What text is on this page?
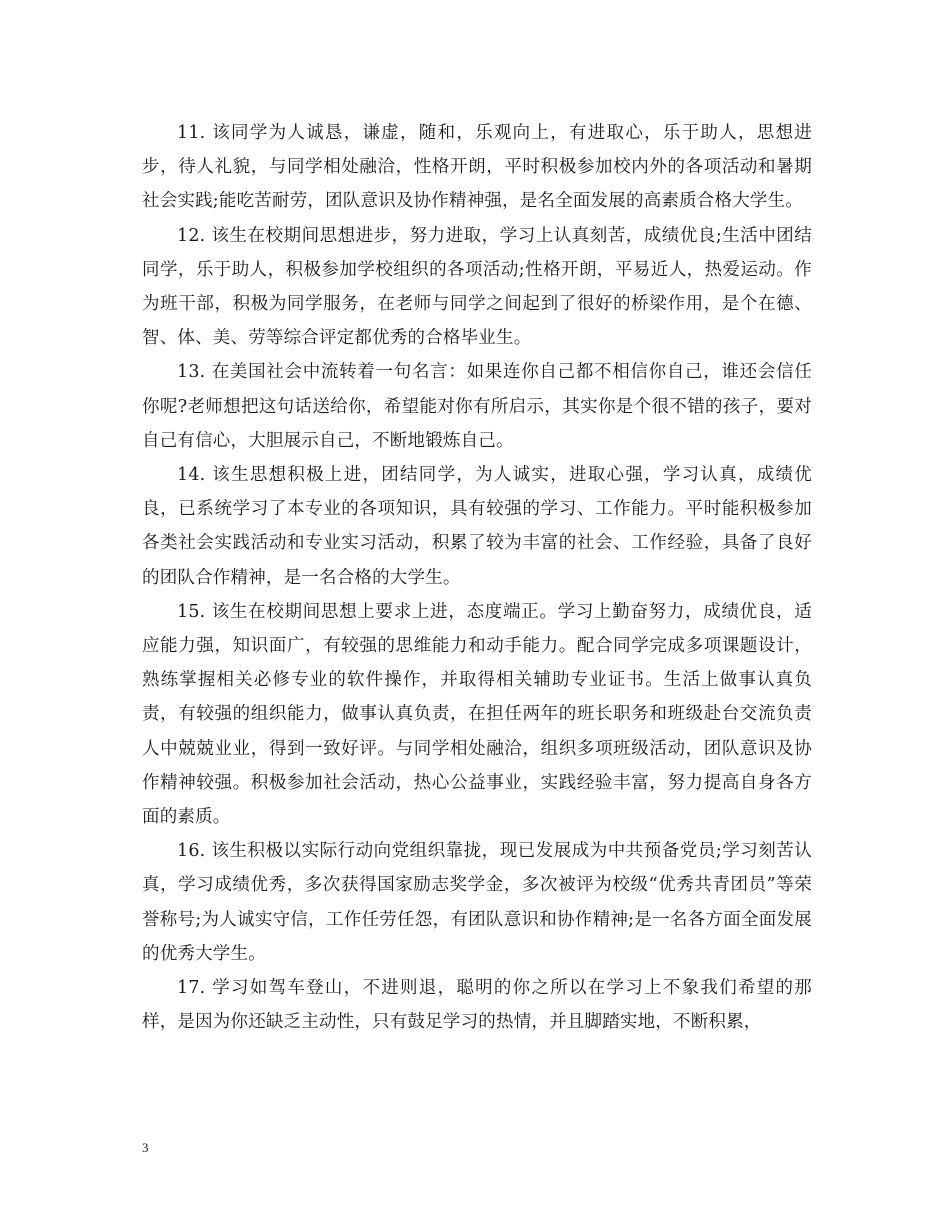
11. 该同学为人诚恳，谦虚，随和，乐观向上，有进取心，乐于助人，思想进步，待人礼貌，与同学相处融洽，性格开朗，平时积极参加校内外的各项活动和暑期社会实践;能吃苦耐劳，团队意识及协作精神强，是名全面发展的高素质合格大学生。

12. 该生在校期间思想进步，努力进取，学习上认真刻苦，成绩优良;生活中团结同学，乐于助人，积极参加学校组织的各项活动;性格开朗，平易近人，热爱运动。作为班干部，积极为同学服务，在老师与同学之间起到了很好的桥梁作用，是个在德、智、体、美、劳等综合评定都优秀的合格毕业生。

13. 在美国社会中流转着一句名言：如果连你自己都不相信你自己，谁还会信任你呢?老师想把这句话送给你，希望能对你有所启示，其实你是个很不错的孩子，要对自己有信心，大胆展示自己，不断地锻炼自己。

14. 该生思想积极上进，团结同学，为人诚实，进取心强，学习认真，成绩优良，已系统学习了本专业的各项知识，具有较强的学习、工作能力。平时能积极参加各类社会实践活动和专业实习活动，积累了较为丰富的社会、工作经验，具备了良好的团队合作精神，是一名合格的大学生。

15. 该生在校期间思想上要求上进，态度端正。学习上勤奋努力，成绩优良，适应能力强，知识面广，有较强的思维能力和动手能力。配合同学完成多项课题设计，熟练掌握相关必修专业的软件操作，并取得相关辅助专业证书。生活上做事认真负责，有较强的组织能力，做事认真负责，在担任两年的班长职务和班级赴台交流负责人中兢兢业业，得到一致好评。与同学相处融洽，组织多项班级活动，团队意识及协作精神较强。积极参加社会活动，热心公益事业，实践经验丰富，努力提高自身各方面的素质。

16. 该生积极以实际行动向党组织靠拢，现已发展成为中共预备党员;学习刻苦认真，学习成绩优秀，多次获得国家励志奖学金，多次被评为校级“优秀共青团员”等荣誉称号;为人诚实守信，工作任劳任怨，有团队意识和协作精神;是一名各方面全面发展的优秀大学生。

17. 学习如驾车登山，不进则退，聪明的你之所以在学习上不象我们希望的那样，是因为你还缺乏主动性，只有鼓足学习的热情，并且脚踏实地，不断积累，

3
